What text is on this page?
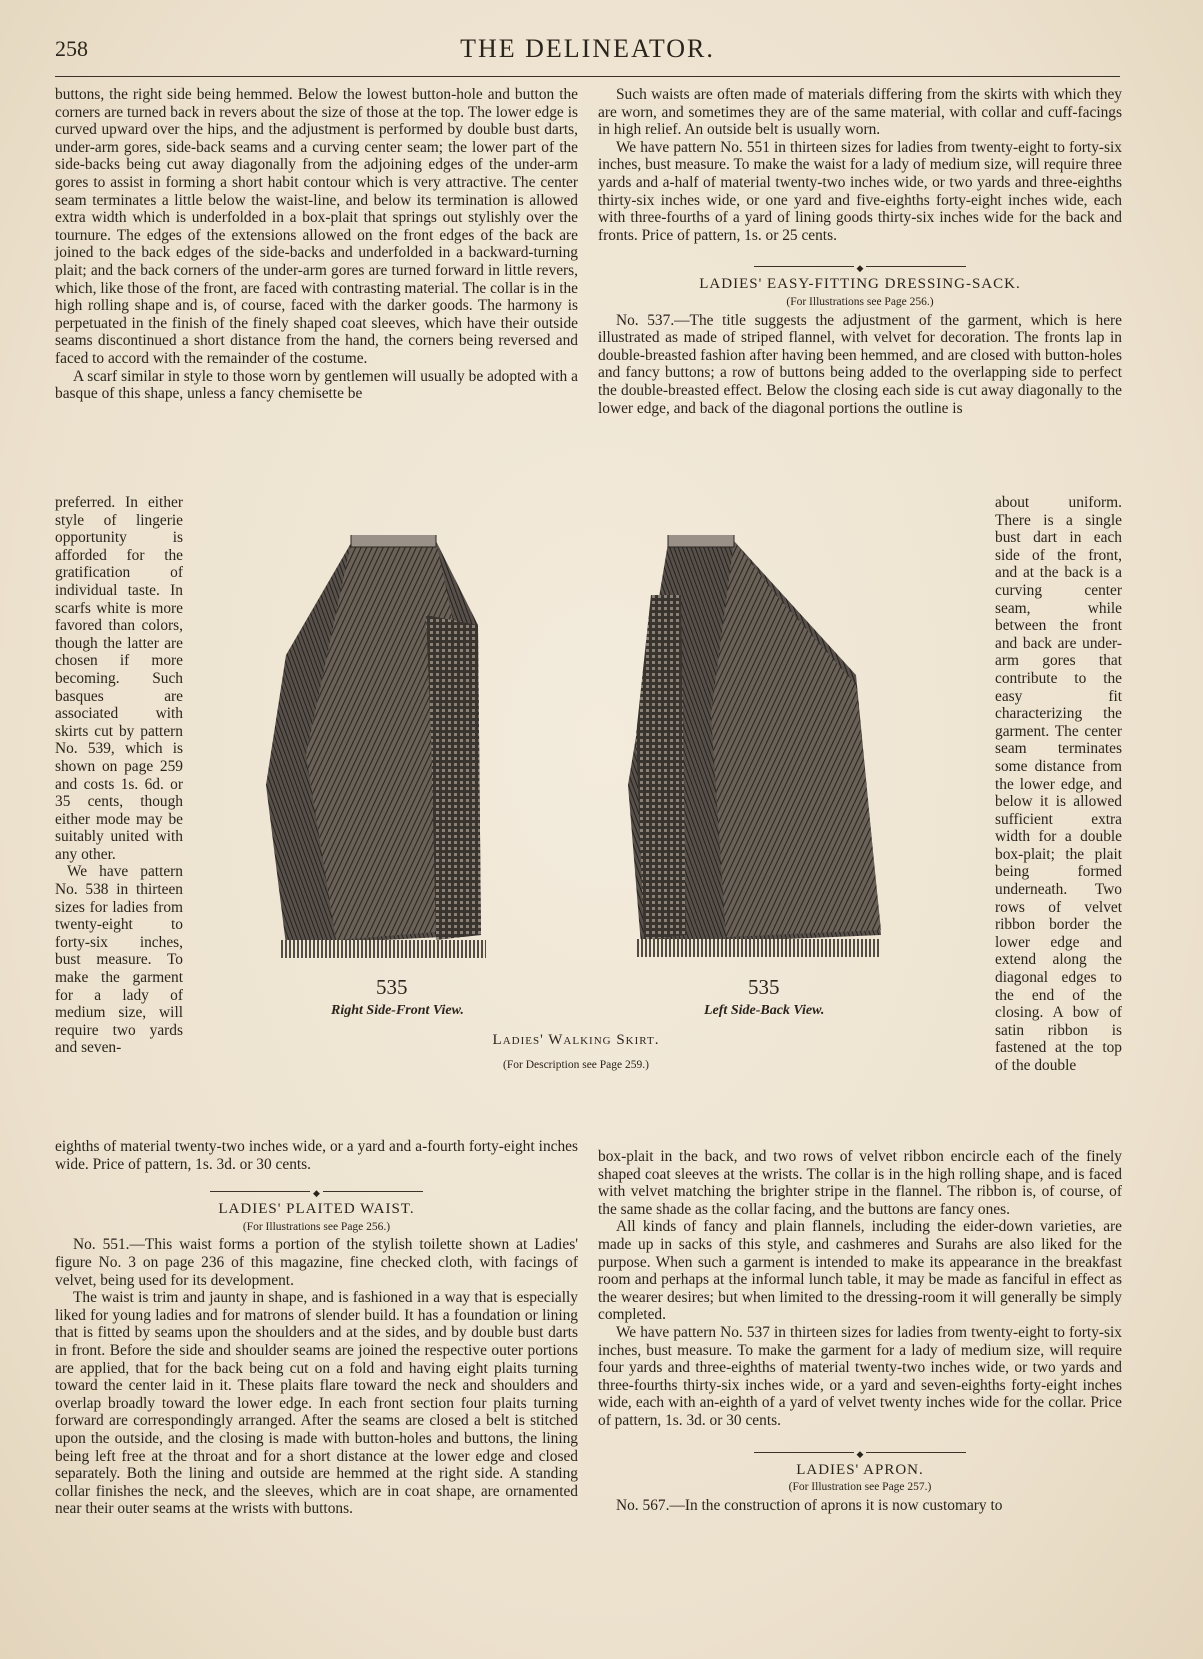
258	THE DELINEATOR.

buttons, the right side being hemmed. Below the lowest button-hole and button the corners are turned back in revers about the size of those at the top. The lower edge is curved upward over the hips, and the adjustment is performed by double bust darts, under-arm gores, side-back seams and a curving center seam; the lower part of the side-backs being cut away diagonally from the adjoining edges of the under-arm gores to assist in forming a short habit contour which is very attractive. The center seam terminates a little below the waist-line, and below its termination is allowed extra width which is underfolded in a box-plait that springs out stylishly over the tournure. The edges of the extensions allowed on the front edges of the back are joined to the back edges of the side-backs and underfolded in a backward-turning plait; and the back corners of the under-arm gores are turned forward in little revers, which, like those of the front, are faced with contrasting material. The collar is in the high rolling shape and is, of course, faced with the darker goods. The harmony is perpetuated in the finish of the finely shaped coat sleeves, which have their outside seams discontinued a short distance from the hand, the corners being reversed and faced to accord with the remainder of the costume.

A scarf similar in style to those worn by gentlemen will usually be adopted with a basque of this shape, unless a fancy chemisette be

preferred. In either style of lingerie opportunity is afforded for the gratification of individual taste. In scarfs white is more favored than colors, though the latter are chosen if more becoming. Such basques are associated with skirts cut by pattern No. 539, which is shown on page 259 and costs 1s. 6d. or 35 cents, though either mode may be suitably united with any other.

We have pattern No. 538 in thirteen sizes for ladies from twenty-eight to forty-six inches, bust measure. To make the garment for a lady of medium size, will require two yards and seven-

eighths of material twenty-two inches wide, or a yard and a-fourth forty-eight inches wide. Price of pattern, 1s. 3d. or 30 cents.

◆

LADIES' PLAITED WAIST.

(For Illustrations see Page 256.)

No. 551.—This waist forms a portion of the stylish toilette shown at Ladies' figure No. 3 on page 236 of this magazine, fine checked cloth, with facings of velvet, being used for its development.

The waist is trim and jaunty in shape, and is fashioned in a way that is especially liked for young ladies and for matrons of slender build. It has a foundation or lining that is fitted by seams upon the shoulders and at the sides, and by double bust darts in front. Before the side and shoulder seams are joined the respective outer portions are applied, that for the back being cut on a fold and having eight plaits turning toward the center laid in it. These plaits flare toward the neck and shoulders and overlap broadly toward the lower edge. In each front section four plaits turning forward are correspondingly arranged. After the seams are closed a belt is stitched upon the outside, and the closing is made with button-holes and buttons, the lining being left free at the throat and for a short distance at the lower edge and closed separately. Both the lining and outside are hemmed at the right side. A standing collar finishes the neck, and the sleeves, which are in coat shape, are ornamented near their outer seams at the wrists with buttons.

Such waists are often made of materials differing from the skirts with which they are worn, and sometimes they are of the same material, with collar and cuff-facings in high relief. An outside belt is usually worn.

We have pattern No. 551 in thirteen sizes for ladies from twenty-eight to forty-six inches, bust measure. To make the waist for a lady of medium size, will require three yards and a-half of material twenty-two inches wide, or two yards and three-eighths thirty-six inches wide, or one yard and five-eighths forty-eight inches wide, each with three-fourths of a yard of lining goods thirty-six inches wide for the back and fronts. Price of pattern, 1s. or 25 cents.

◆

LADIES' EASY-FITTING DRESSING-SACK.

(For Illustrations see Page 256.)

No. 537.—The title suggests the adjustment of the garment, which is here illustrated as made of striped flannel, with velvet for decoration. The fronts lap in double-breasted fashion after having been hemmed, and are closed with button-holes and fancy buttons; a row of buttons being added to the overlapping side to perfect the double-breasted effect. Below the closing each side is cut away diagonally to the lower edge, and back of the diagonal portions the outline is

about uniform. There is a single bust dart in each side of the front, and at the back is a curving center seam, while between the front and back are under-arm gores that contribute to the easy fit characterizing the garment. The center seam terminates some distance from the lower edge, and below it is allowed sufficient extra width for a double box-plait; the plait being formed underneath. Two rows of velvet ribbon border the lower edge and extend along the diagonal edges to the end of the closing. A bow of satin ribbon is fastened at the top of the double

box-plait in the back, and two rows of velvet ribbon encircle each of the finely shaped coat sleeves at the wrists. The collar is in the high rolling shape, and is faced with velvet matching the brighter stripe in the flannel. The ribbon is, of course, of the same shade as the collar facing, and the buttons are fancy ones.

All kinds of fancy and plain flannels, including the eider-down varieties, are made up in sacks of this style, and cashmeres and Surahs are also liked for the purpose. When such a garment is intended to make its appearance in the breakfast room and perhaps at the informal lunch table, it may be made as fanciful in effect as the wearer desires; but when limited to the dressing-room it will generally be simply completed.

We have pattern No. 537 in thirteen sizes for ladies from twenty-eight to forty-six inches, bust measure. To make the garment for a lady of medium size, will require four yards and three-eighths of material twenty-two inches wide, or two yards and three-fourths thirty-six inches wide, or a yard and seven-eighths forty-eight inches wide, each with an-eighth of a yard of velvet twenty inches wide for the collar. Price of pattern, 1s. 3d. or 30 cents.

◆

LADIES' APRON.

(For Illustration see Page 257.)

No. 567.—In the construction of aprons it is now customary to

535
Right Side-Front View.
535
Left Side-Back View.
Ladies' Walking Skirt.
(For Description see Page 259.)
